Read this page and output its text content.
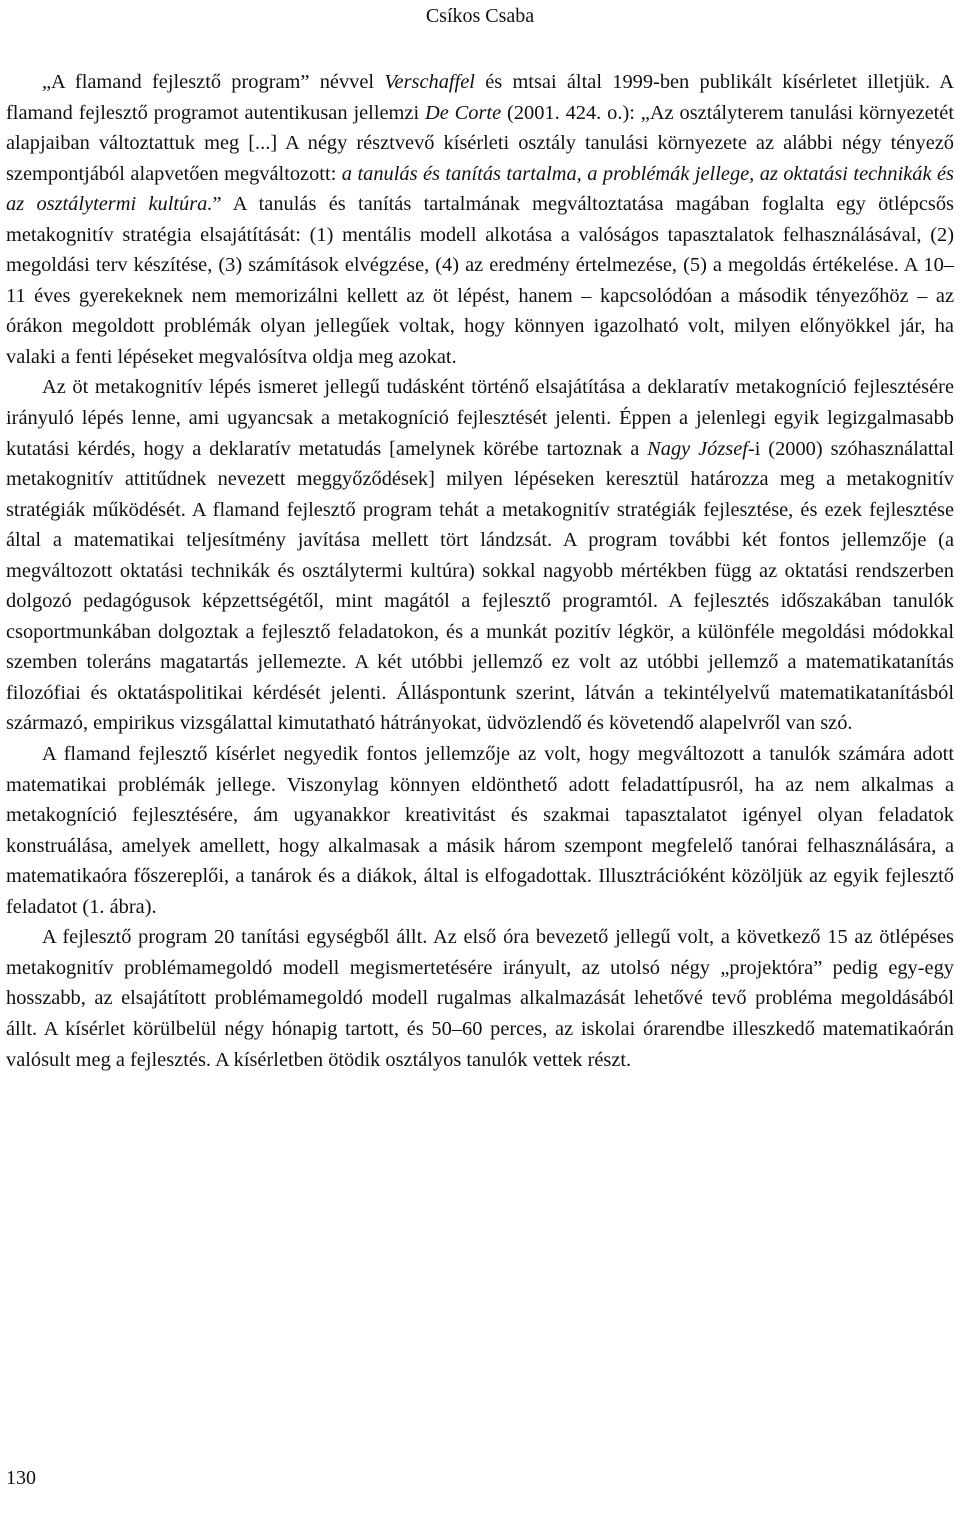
Csíkos Csaba

„A flamand fejlesztő program” névvel Verschaffel és mtsai által 1999-ben publikált kísérletet illetjük. A flamand fejlesztő programot autentikusan jellemzi De Corte (2001. 424. o.): „Az osztályterem tanulási környezetét alapjaiban változtattuk meg [...] A négy résztvevő kísérleti osztály tanulási környezete az alábbi négy tényező szempontjából alapvetően megváltozott: a tanulás és tanítás tartalma, a problémák jellege, az oktatási technikák és az osztálytermi kultúra.” A tanulás és tanítás tartalmának megváltoztatása magában foglalta egy ötlépcsős metakognitív stratégia elsajátítását: (1) mentális modell alkotása a valóságos tapasztalatok felhasználásával, (2) megoldási terv készítése, (3) számítások elvégzése, (4) az eredmény értelmezése, (5) a megoldás értékelése. A 10–11 éves gyerekeknek nem memorizálni kellett az öt lépést, hanem – kapcsolódóan a második tényezőhöz – az órákon megoldott problémák olyan jellegűek voltak, hogy könnyen igazolható volt, milyen előnyökkel jár, ha valaki a fenti lépéseket megvalósítva oldja meg azokat.

Az öt metakognitív lépés ismeret jellegű tudásként történő elsajátítása a deklaratív metakogníció fejlesztésére irányuló lépés lenne, ami ugyancsak a metakogníció fejlesztését jelenti. Éppen a jelenlegi egyik legizgalmasabb kutatási kérdés, hogy a deklaratív metatudás [amelynek körébe tartoznak a Nagy József-i (2000) szóhasználattal metakognitív attitűdnek nevezett meggyőződések] milyen lépéseken keresztül határozza meg a metakognitív stratégiák működését. A flamand fejlesztő program tehát a metakognitív stratégiák fejlesztése, és ezek fejlesztése által a matematikai teljesítmény javítása mellett tört lándzsát. A program további két fontos jellemzője (a megváltozott oktatási technikák és osztálytermi kultúra) sokkal nagyobb mértékben függ az oktatási rendszerben dolgozó pedagógusok képzettségétől, mint magától a fejlesztő programtól. A fejlesztés időszakában tanulók csoportmunkában dolgoztak a fejlesztő feladatokon, és a munkát pozitív légkör, a különféle megoldási módokkal szemben toleráns magatartás jellemezte. A két utóbbi jellemző ez volt az utóbbi jellemző a matematikatanítás filozófiai és oktatáspolitikai kérdését jelenti. Álláspontunk szerint, látván a tekintélyelvű matematikatanításból származó, empirikus vizsgálattal kimutatható hátrányokat, üdvözlendő és követendő alapelvről van szó.

A flamand fejlesztő kísérlet negyedik fontos jellemzője az volt, hogy megváltozott a tanulók számára adott matematikai problémák jellege. Viszonylag könnyen eldönthető adott feladattípusról, ha az nem alkalmas a metakogníció fejlesztésére, ám ugyanakkor kreativitást és szakmai tapasztalatot igényel olyan feladatok konstruálása, amelyek amellett, hogy alkalmasak a másik három szempont megfelelő tanórai felhasználására, a matematikaóra főszereplői, a tanárok és a diákok, által is elfogadottak. Illusztrációként közöljük az egyik fejlesztő feladatot (1. ábra).

A fejlesztő program 20 tanítási egységből állt. Az első óra bevezető jellegű volt, a következő 15 az ötlépéses metakognitív problémamegoldó modell megismertetésére irányult, az utolsó négy „projektóra” pedig egy-egy hosszabb, az elsajátított problémamegoldó modell rugalmas alkalmazását lehetővé tevő probléma megoldásából állt. A kísérlet körülbelül négy hónapig tartott, és 50–60 perces, az iskolai órarendbe illeszkedő matematikaórán valósult meg a fejlesztés. A kísérletben ötödik osztályos tanulók vettek részt.

130
